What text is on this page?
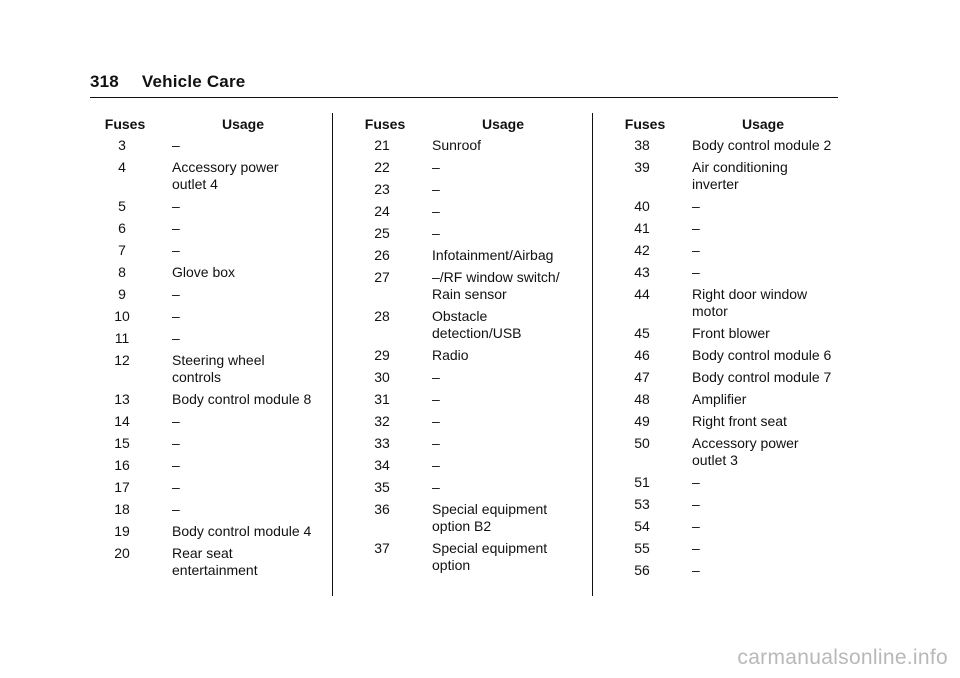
318 Vehicle Care
Fuses	Usage
3	–
4	Accessory power
outlet 4
5	–
6	–
7	–
8	Glove box
9	–
10	–
11	–
12	Steering wheel
controls
13	Body control module 8
14	–
15	–
16	–
17	–
18	–
19	Body control module 4
20	Rear seat
entertainment
Fuses	Usage
21	Sunroof
22	–
23	–
24	–
25	–
26	Infotainment/Airbag
27	–/RF window switch/
Rain sensor
28	Obstacle
detection/USB
29	Radio
30	–
31	–
32	–
33	–
34	–
35	–
36	Special equipment
option B2
37	Special equipment
option
Fuses	Usage
38	Body control module 2
39	Air conditioning
inverter
40	–
41	–
42	–
43	–
44	Right door window
motor
45	Front blower
46	Body control module 6
47	Body control module 7
48	Amplifier
49	Right front seat
50	Accessory power
outlet 3
51	–
53	–
54	–
55	–
56	–
carmanualsonline.info
